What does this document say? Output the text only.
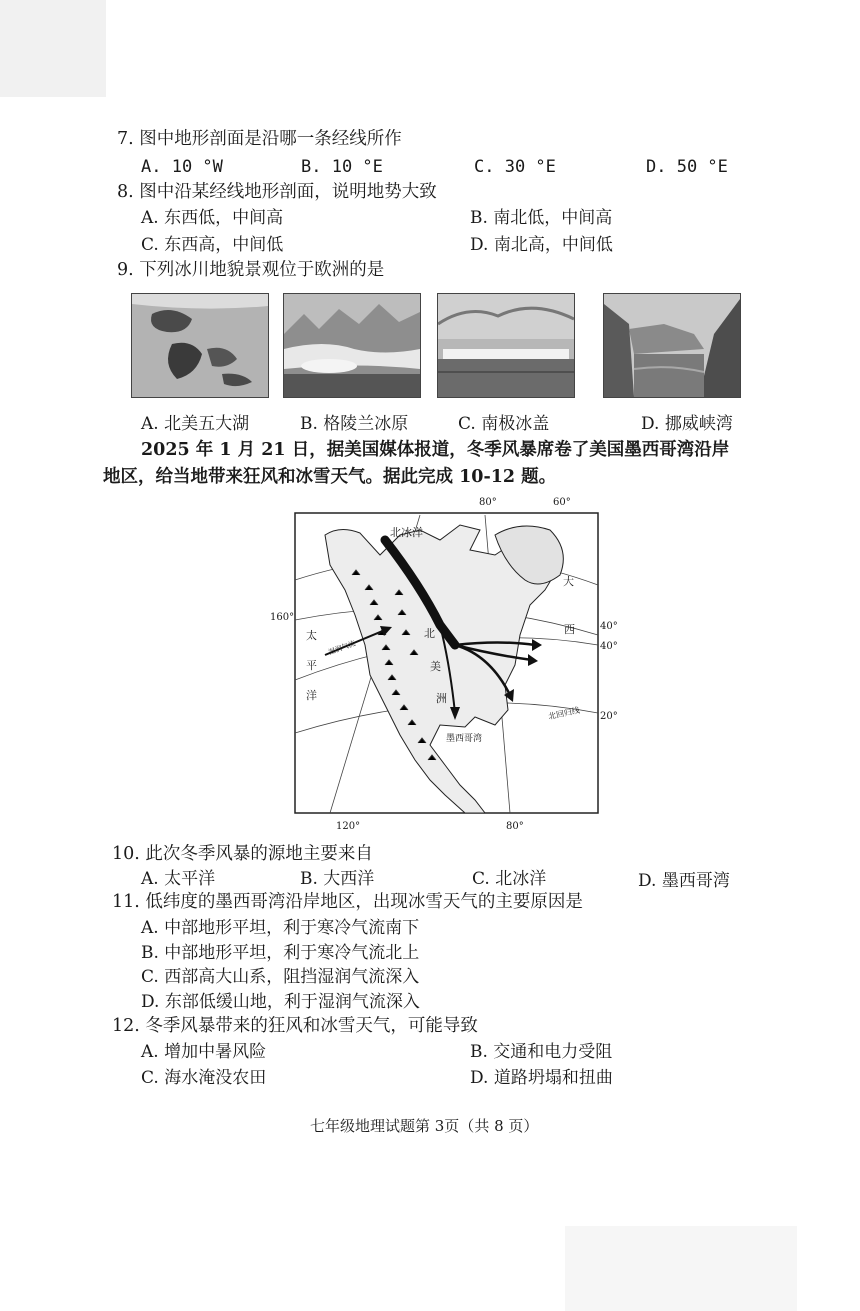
7. 图中地形剖面是沿哪一条经线所作
A. 10 °W	B. 10 °E	C. 30 °E	D. 50 °E
8. 图中沿某经线地形剖面，说明地势大致
A. 东西低，中间高	B. 南北低，中间高
C. 东西高，中间低	D. 南北高，中间低
9. 下列冰川地貌景观位于欧洲的是
A. 北美五大湖	B. 格陵兰冰原	C. 南极冰盖	D. 挪威峡湾
2025 年 1 月 21 日，据美国媒体报道，冬季风暴席卷了美国墨西哥湾沿岸
地区，给当地带来狂风和冰雪天气。据此完成 10-12 题。
80°	60°
160°
40°
40°
20°
120°	80°
北冰洋
大
西
太
平
洋
北
美
洲
墨西哥湾
北回归线
湿润气流
10. 此次冬季风暴的源地主要来自
A. 太平洋	B. 大西洋	C. 北冰洋	D. 墨西哥湾
11. 低纬度的墨西哥湾沿岸地区，出现冰雪天气的主要原因是
A. 中部地形平坦，利于寒冷气流南下
B. 中部地形平坦，利于寒冷气流北上
C. 西部高大山系，阻挡湿润气流深入
D. 东部低缓山地，利于湿润气流深入
12. 冬季风暴带来的狂风和冰雪天气，可能导致
A. 增加中暑风险	B. 交通和电力受阻
C. 海水淹没农田	D. 道路坍塌和扭曲
七年级地理试题第 3页（共 8 页）
